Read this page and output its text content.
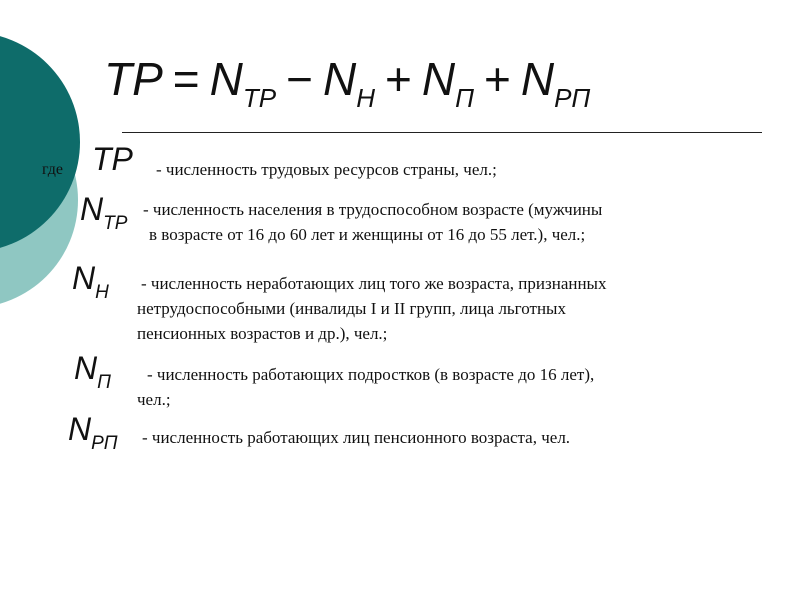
TP = $N_{TP} - N_H + N_П + N_{PП}$
где TP - численность трудовых ресурсов страны, чел.;
$N_{TP}$
- численность населения в трудоспособном возрасте (мужчины
в возрасте от 16 до 60 лет и женщины от 16 до 55 лет.), чел.;
$N_H$ - численность неработающих лиц того же возраста, признанных
нетрудоспособными (инвалиды I и II групп, лица льготных
пенсионных возрастов и др.), чел.;
$N_П$	- численность работающих подростков (в возрасте до 16 лет),
чел.;
$N_{PП}$ - численность работающих лиц пенсионного возраста, чел.
